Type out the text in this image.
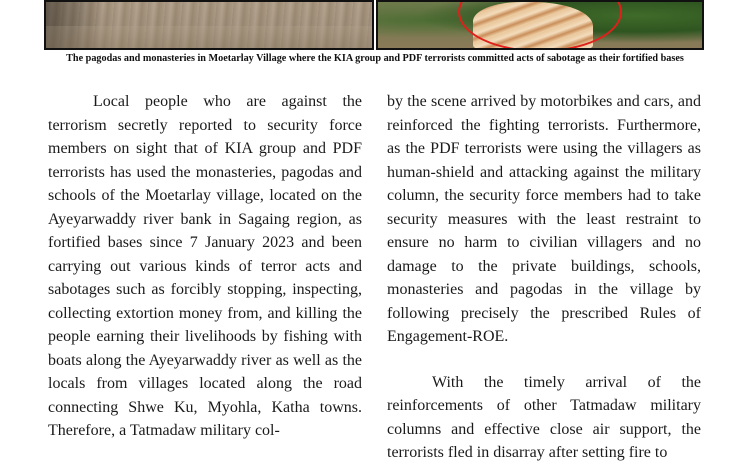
The pagodas and monasteries in Moetarlay Village where the KIA group and PDF terrorists committed acts of sabotage as their fortified bases

Local people who are against the terrorism secretly reported to security force members on sight that of KIA group and PDF terrorists has used the monasteries, pagodas and schools of the Moetarlay village, located on the Ayeyarwaddy river bank in Sagaing region, as fortified bases since 7 January 2023 and been carrying out various kinds of terror acts and sabotages such as forcibly stopping, inspecting, collecting extortion money from, and killing the people earning their livelihoods by fishing with boats along the Ayeyarwaddy river as well as the locals from villages located along the road connecting Shwe Ku, Myohla, Katha towns. Therefore, a Tatmadaw military col-

by the scene arrived by motorbikes and cars, and reinforced the fighting terrorists. Furthermore, as the PDF terrorists were using the villagers as human-shield and attacking against the military column, the security force members had to take security measures with the least restraint to ensure no harm to civilian villagers and no damage to the private buildings, schools, monasteries and pagodas in the village by following precisely the prescribed Rules of Engagement-ROE.

With the timely arrival of the reinforcements of other Tatmadaw military columns and effective close air support, the terrorists fled in disarray after setting fire to
